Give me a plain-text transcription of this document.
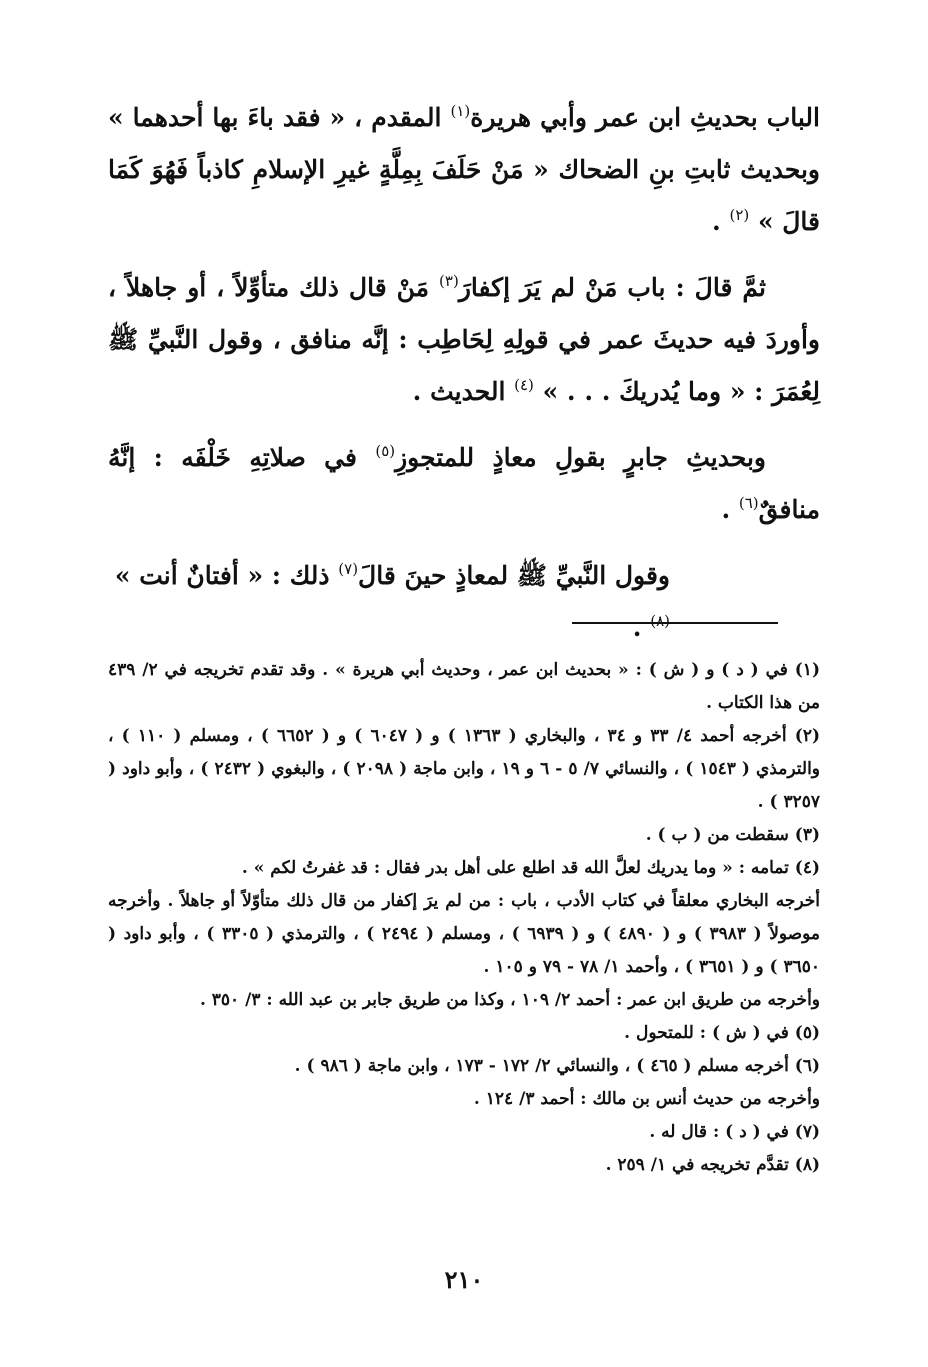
الباب بحديثِ ابن عمر وأبي هريرة$^{(١)}$ المقدم ، « فقد باءَ بها أحدهما » وبحديث ثابتِ بنِ الضحاك « مَنْ حَلَفَ بِمِلَّةٍ غيرِ الإسلامِ كاذباً فَهُوَ كَمَا قالَ » $^{(٢)}$ .

ثمَّ قالَ : باب مَنْ لم يَرَ إكفارَ$^{(٣)}$ مَنْ قال ذلك متأوِّلاً ، أو جاهلاً ، وأوردَ فيه حديثَ عمر في قولِهِ لِحَاطِب : إنَّه منافق ، وقول النَّبيِّ ﷺ لِعُمَرَ : « وما يُدريكَ . . . » $^{(٤)}$ الحديث .

وبحديثِ جابرٍ بقولِ معاذٍ للمتجوزِ$^{(٥)}$ في صلاتِهِ خَلْفَه : إنَّهُ منافقٌ$^{(٦)}$ .

وقول النَّبيِّ ﷺ لمعاذٍ حينَ قالَ$^{(٧)}$ ذلك : « أفتانٌ أنت » $^{(٨)}$ .

(١) في ( د ) و ( ش ) : « بحديث ابن عمر ، وحديث أبي هريرة » . وقد تقدم تخريجه في ٢/ ٤٣٩ من هذا الكتاب .

(٢) أخرجه أحمد ٤/ ٣٣ و ٣٤ ، والبخاري ( ١٣٦٣ ) و ( ٦٠٤٧ ) و ( ٦٦٥٢ ) ، ومسلم ( ١١٠ ) ، والترمذي ( ١٥٤٣ ) ، والنسائي ٧/ ٥ - ٦ و ١٩ ، وابن ماجة ( ٢٠٩٨ ) ، والبغوي ( ٢٤٣٢ ) ، وأبو داود ( ٣٢٥٧ ) .

(٣) سقطت من ( ب ) .

(٤) تمامه : « وما يدريك لعلَّ الله قد اطلع على أهل بدر فقال : قد غفرتُ لكم » .

أخرجه البخاري معلقاً في كتاب الأدب ، باب : من لم يرَ إكفار من قال ذلك متأوّلاً أو جاهلاً . وأخرجه موصولاً ( ٣٩٨٣ ) و ( ٤٨٩٠ ) و ( ٦٩٣٩ ) ، ومسلم ( ٢٤٩٤ ) ، والترمذي ( ٣٣٠٥ ) ، وأبو داود ( ٣٦٥٠ ) و ( ٣٦٥١ ) ، وأحمد ١/ ٧٨ - ٧٩ و ١٠٥ .

وأخرجه من طريق ابن عمر : أحمد ٢/ ١٠٩ ، وكذا من طريق جابر بن عبد الله : ٣/ ٣٥٠ .

(٥) في ( ش ) : للمتحول .

(٦) أخرجه مسلم ( ٤٦٥ ) ، والنسائي ٢/ ١٧٢ - ١٧٣ ، وابن ماجة ( ٩٨٦ ) .

وأخرجه من حديث أنس بن مالك : أحمد ٣/ ١٢٤ .

(٧) في ( د ) : قال له .

(٨) تقدَّم تخريجه في ١/ ٢٥٩ .

٢١٠
